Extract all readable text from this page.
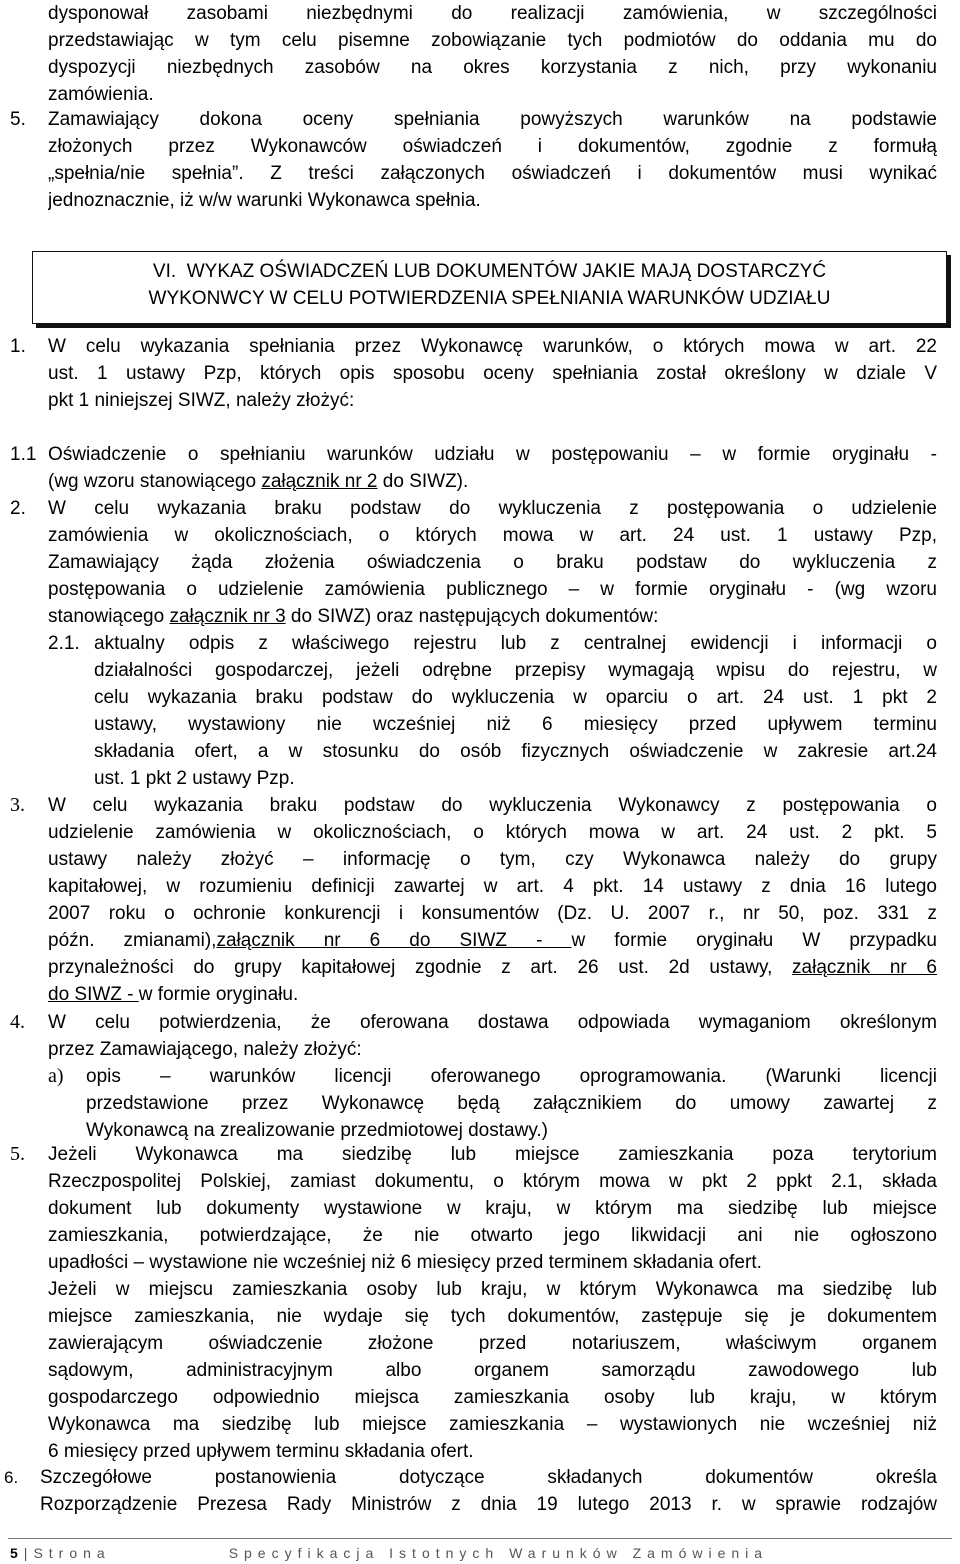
dysponował zasobami niezbędnymi do realizacji zamówienia, w szczególności
przedstawiając w tym celu pisemne zobowiązanie tych podmiotów do oddania mu do
dyspozycji niezbędnych zasobów na okres korzystania z nich, przy wykonaniu
zamówienia.
5. Zamawiający dokona oceny spełniania powyższych warunków na podstawie
złożonych przez Wykonawców oświadczeń i dokumentów, zgodnie z formułą
„spełnia/nie spełnia”. Z treści załączonych oświadczeń i dokumentów musi wynikać
jednoznacznie, iż w/w warunki Wykonawca spełnia.
VI.  WYKAZ OŚWIADCZEŃ LUB DOKUMENTÓW JAKIE MAJĄ DOSTARCZYĆ
WYKONWCY W CELU POTWIERDZENIA SPEŁNIANIA WARUNKÓW UDZIAŁU
1. W celu wykazania spełniania przez Wykonawcę warunków, o których mowa w art. 22
ust. 1 ustawy Pzp, których opis sposobu oceny spełniania został określony w dziale V
pkt 1 niniejszej SIWZ, należy złożyć:
1.1 Oświadczenie o spełnianiu warunków udziału w postępowaniu – w formie oryginału -
(wg wzoru stanowiącego załącznik nr 2 do SIWZ).
2. W celu wykazania braku podstaw do wykluczenia z postępowania o udzielenie
zamówienia w okolicznościach, o których mowa w art. 24 ust. 1 ustawy Pzp,
Zamawiający żąda złożenia oświadczenia o braku podstaw do wykluczenia z
postępowania o udzielenie zamówienia publicznego – w formie oryginału - (wg wzoru
stanowiącego załącznik nr 3 do SIWZ) oraz następujących dokumentów:
2.1. aktualny odpis z właściwego rejestru lub z centralnej ewidencji i informacji o
działalności gospodarczej, jeżeli odrębne przepisy wymagają wpisu do rejestru, w
celu wykazania braku podstaw do wykluczenia w oparciu o art. 24 ust. 1 pkt 2
ustawy, wystawiony nie wcześniej niż 6 miesięcy przed upływem terminu
składania ofert, a w stosunku do osób fizycznych oświadczenie w zakresie art.24
ust. 1 pkt 2 ustawy Pzp.
3. W celu wykazania braku podstaw do wykluczenia Wykonawcy z postępowania o
udzielenie zamówienia w okolicznościach, o których mowa w art. 24 ust. 2 pkt. 5
ustawy należy złożyć – informację o tym, czy Wykonawca należy do grupy
kapitałowej, w rozumieniu definicji zawartej w art. 4 pkt. 14 ustawy z dnia 16 lutego
2007 roku o ochronie konkurencji i konsumentów (Dz. U. 2007 r., nr 50, poz. 331 z
późn. zmianami),załącznik nr 6 do SIWZ - w formie oryginału W przypadku
przynależności do grupy kapitałowej zgodnie z art. 26 ust. 2d ustawy, załącznik nr 6
do SIWZ - w formie oryginału.
4. W celu potwierdzenia, że oferowana dostawa odpowiada wymaganiom określonym
przez Zamawiającego, należy złożyć:
a) opis – warunków licencji oferowanego oprogramowania. (Warunki licencji
przedstawione przez Wykonawcę będą załącznikiem do umowy zawartej z
Wykonawcą na zrealizowanie przedmiotowej dostawy.)
5. Jeżeli Wykonawca ma siedzibę lub miejsce zamieszkania poza terytorium
Rzeczpospolitej Polskiej, zamiast dokumentu, o którym mowa w pkt 2 ppkt 2.1, składa
dokument lub dokumenty wystawione w kraju, w którym ma siedzibę lub miejsce
zamieszkania, potwierdzające, że nie otwarto jego likwidacji ani nie ogłoszono
upadłości – wystawione nie wcześniej niż 6 miesięcy przed terminem składania ofert.
Jeżeli w miejscu zamieszkania osoby lub kraju, w którym Wykonawca ma siedzibę lub
miejsce zamieszkania, nie wydaje się tych dokumentów, zastępuje się je dokumentem
zawierającym oświadczenie złożone przed notariuszem, właściwym organem
sądowym, administracyjnym albo organem samorządu zawodowego lub
gospodarczego odpowiednio miejsca zamieszkania osoby lub kraju, w którym
Wykonawca ma siedzibę lub miejsce zamieszkania – wystawionych nie wcześniej niż
6 miesięcy przed upływem terminu składania ofert.
6. Szczegółowe postanowienia dotyczące składanych dokumentów określa
Rozporządzenie Prezesa Rady Ministrów z dnia 19 lutego 2013 r. w sprawie rodzajów
5 | Strona	Specyfikacja Istotnych Warunków Zamówienia
